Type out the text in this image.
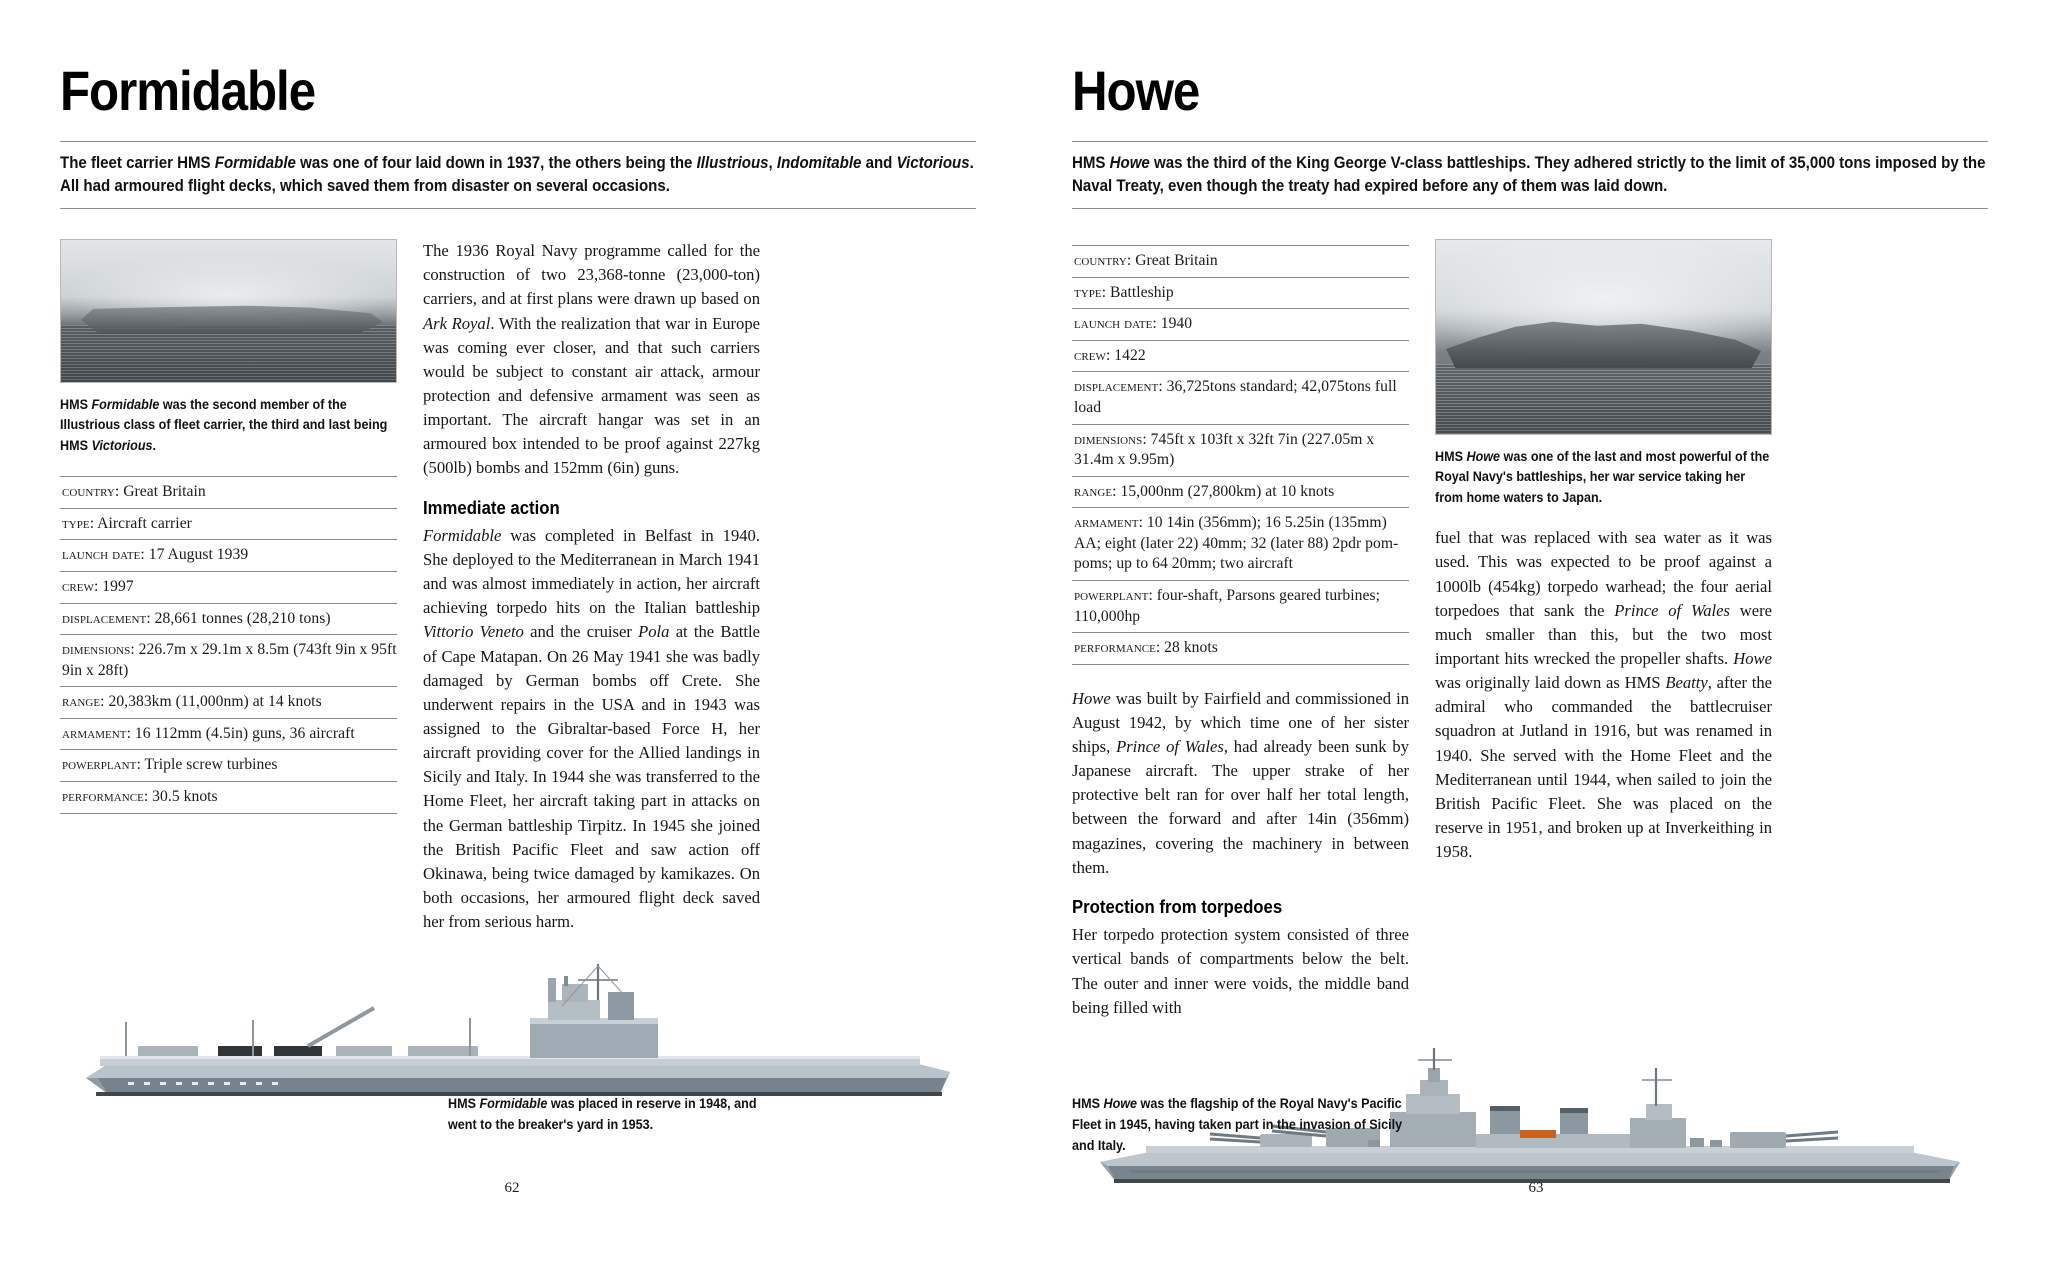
Formidable
The fleet carrier HMS Formidable was one of four laid down in 1937, the others being the Illustrious, Indomitable and Victorious. All had armoured flight decks, which saved them from disaster on several occasions.
HMS Formidable was the second member of the Illustrious class of fleet carrier, the third and last being HMS Victorious.
country: Great Britain
type: Aircraft carrier
launch date: 17 August 1939
crew: 1997
displacement: 28,661 tonnes (28,210 tons)
dimensions: 226.7m x 29.1m x 8.5m (743ft 9in x 95ft 9in x 28ft)
range: 20,383km (11,000nm) at 14 knots
armament: 16 112mm (4.5in) guns, 36 aircraft
powerplant: Triple screw turbines
performance: 30.5 knots
The 1936 Royal Navy programme called for the construction of two 23,368-tonne (23,000-ton) carriers, and at first plans were drawn up based on Ark Royal. With the realization that war in Europe was coming ever closer, and that such carriers would be subject to constant air attack, armour protection and defensive armament was seen as important. The aircraft hangar was set in an armoured box intended to be proof against 227kg (500lb) bombs and 152mm (6in) guns.
Immediate action
Formidable was completed in Belfast in 1940. She deployed to the Mediterranean in March 1941 and was almost immediately in action, her aircraft achieving torpedo hits on the Italian battleship Vittorio Veneto and the cruiser Pola at the Battle of Cape Matapan. On 26 May 1941 she was badly damaged by German bombs off Crete. She underwent repairs in the USA and in 1943 was assigned to the Gibraltar-based Force H, her aircraft providing cover for the Allied landings in Sicily and Italy. In 1944 she was transferred to the Home Fleet, her aircraft taking part in attacks on the German battleship Tirpitz. In 1945 she joined the British Pacific Fleet and saw action off Okinawa, being twice damaged by kamikazes. On both occasions, her armoured flight deck saved her from serious harm.
HMS Formidable was placed in reserve in 1948, and went to the breaker's yard in 1953.
62
Howe
HMS Howe was the third of the King George V-class battleships. They adhered strictly to the limit of 35,000 tons imposed by the Naval Treaty, even though the treaty had expired before any of them was laid down.
country: Great Britain
type: Battleship
launch date: 1940
crew: 1422
displacement: 36,725tons standard; 42,075tons full load
dimensions: 745ft x 103ft x 32ft 7in (227.05m x 31.4m x 9.95m)
range: 15,000nm (27,800km) at 10 knots
armament: 10 14in (356mm); 16 5.25in (135mm) AA; eight (later 22) 40mm; 32 (later 88) 2pdr pom-poms; up to 64 20mm; two aircraft
powerplant: four-shaft, Parsons geared turbines; 110,000hp
performance: 28 knots
Howe was built by Fairfield and commissioned in August 1942, by which time one of her sister ships, Prince of Wales, had already been sunk by Japanese aircraft. The upper strake of her protective belt ran for over half her total length, between the forward and after 14in (356mm) magazines, covering the machinery in between them.
Protection from torpedoes
Her torpedo protection system consisted of three vertical bands of compartments below the belt. The outer and inner were voids, the middle band being filled with
HMS Howe was one of the last and most powerful of the Royal Navy's battleships, her war service taking her from home waters to Japan.
fuel that was replaced with sea water as it was used. This was expected to be proof against a 1000lb (454kg) torpedo warhead; the four aerial torpedoes that sank the Prince of Wales were much smaller than this, but the two most important hits wrecked the propeller shafts. Howe was originally laid down as HMS Beatty, after the admiral who commanded the battlecruiser squadron at Jutland in 1916, but was renamed in 1940. She served with the Home Fleet and the Mediterranean until 1944, when sailed to join the British Pacific Fleet. She was placed on the reserve in 1951, and broken up at Inverkeithing in 1958.
HMS Howe was the flagship of the Royal Navy's Pacific Fleet in 1945, having taken part in the invasion of Sicily and Italy.
63
